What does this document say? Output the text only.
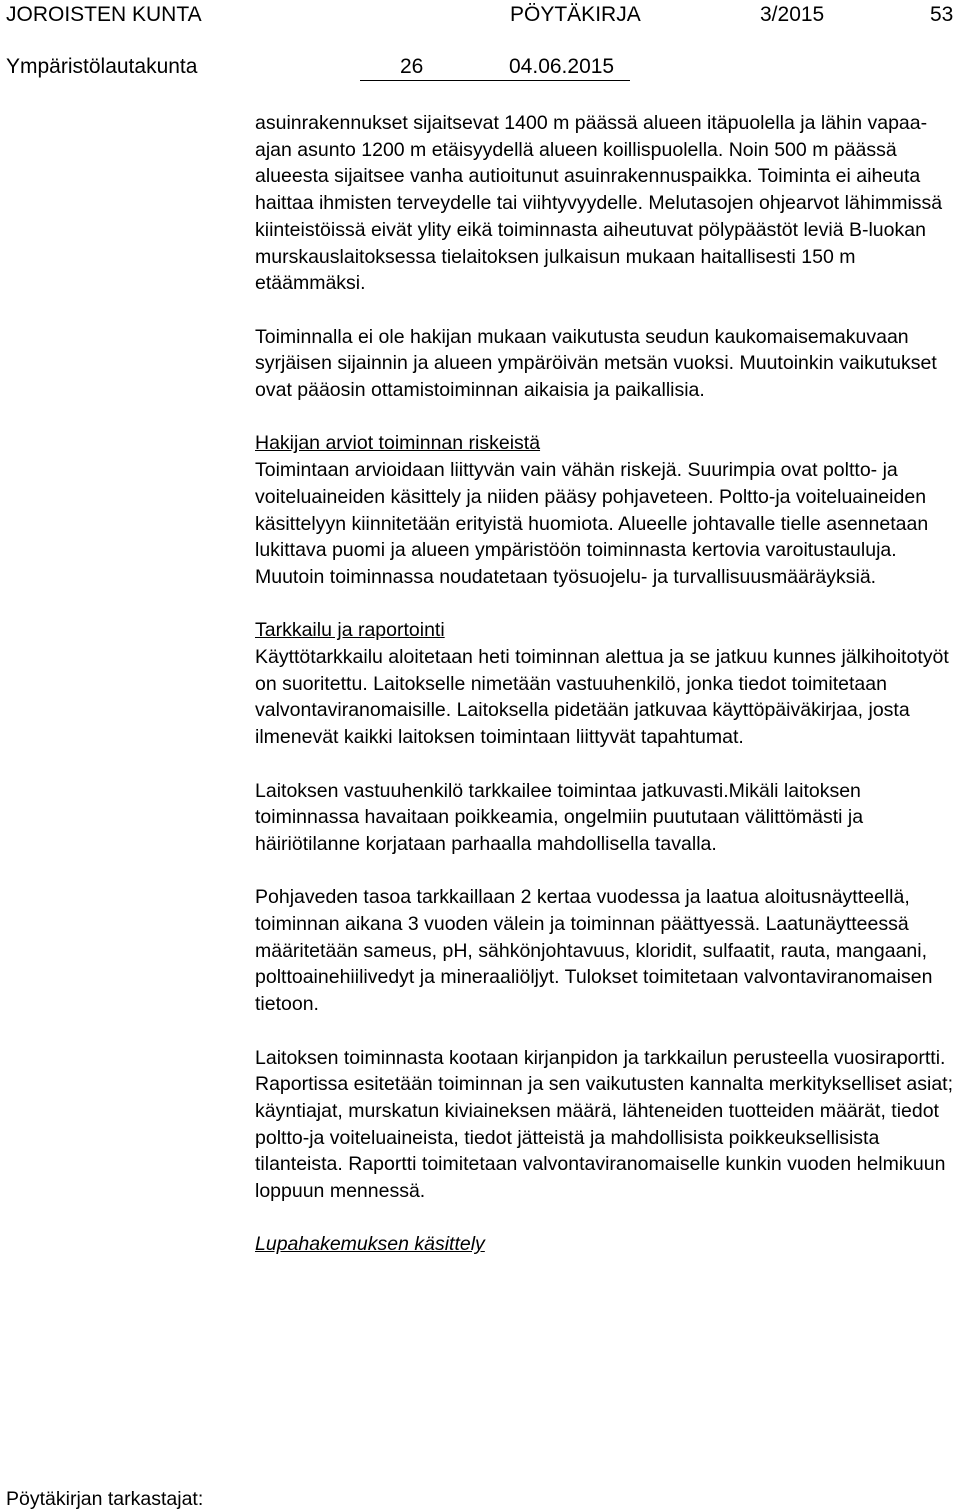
JOROISTEN KUNTA	PÖYTÄKIRJA	3/2015	53
Ympäristölautakunta	26	04.06.2015

asuinrakennukset sijaitsevat 1400 m päässä alueen itäpuolella ja lähin vapaa-ajan asunto 1200 m etäisyydellä alueen koillispuolella. Noin 500 m päässä alueesta sijaitsee vanha autioitunut asuinrakennuspaikka. Toiminta ei aiheuta haittaa ihmisten terveydelle tai viihtyvyydelle. Melutasojen ohjearvot lähimmissä kiinteistöissä eivät ylity eikä toiminnasta aiheutuvat pölypäästöt leviä B-luokan murskauslaitoksessa tielaitoksen julkaisun mukaan haitallisesti 150 m etäämmäksi.

Toiminnalla ei ole hakijan mukaan vaikutusta seudun kaukomaisemakuvaan syrjäisen sijainnin ja alueen ympäröivän metsän vuoksi. Muutoinkin vaikutukset ovat pääosin ottamistoiminnan aikaisia ja paikallisia.

Hakijan arviot toiminnan riskeistä

Toimintaan arvioidaan liittyvän vain vähän riskejä. Suurimpia ovat poltto- ja voiteluaineiden käsittely ja niiden pääsy pohjaveteen. Poltto-ja voiteluaineiden käsittelyyn kiinnitetään erityistä huomiota. Alueelle johtavalle tielle asennetaan lukittava puomi ja alueen ympäristöön toiminnasta kertovia varoitustauluja. Muutoin toiminnassa noudatetaan työsuojelu- ja turvallisuusmääräyksiä.

Tarkkailu ja raportointi

Käyttötarkkailu aloitetaan heti toiminnan alettua ja se jatkuu kunnes jälkihoitotyöt on suoritettu. Laitokselle nimetään vastuuhenkilö, jonka tiedot toimitetaan valvontaviranomaisille. Laitoksella pidetään jatkuvaa käyttöpäiväkirjaa, josta ilmenevät kaikki laitoksen toimintaan liittyvät tapahtumat.

Laitoksen vastuuhenkilö tarkkailee toimintaa jatkuvasti.Mikäli laitoksen toiminnassa havaitaan poikkeamia, ongelmiin puututaan välittömästi ja häiriötilanne korjataan parhaalla mahdollisella tavalla.

Pohjaveden tasoa tarkkaillaan 2 kertaa vuodessa ja laatua aloitusnäytteellä, toiminnan aikana 3 vuoden välein ja toiminnan päättyessä. Laatunäytteessä määritetään sameus, pH, sähkönjohtavuus, kloridit, sulfaatit, rauta, mangaani, polttoainehiilivedyt ja mineraaliöljyt. Tulokset toimitetaan valvontaviranomaisen tietoon.

Laitoksen toiminnasta kootaan kirjanpidon ja tarkkailun perusteella vuosiraportti. Raportissa esitetään toiminnan ja sen vaikutusten kannalta merkitykselliset asiat; käyntiajat, murskatun kiviaineksen määrä, lähteneiden tuotteiden määrät, tiedot poltto-ja voiteluaineista, tiedot jätteistä ja mahdollisista poikkeuksellisista tilanteista. Raportti toimitetaan valvontaviranomaiselle kunkin vuoden helmikuun loppuun mennessä.

Lupahakemuksen käsittely

Pöytäkirjan tarkastajat:
